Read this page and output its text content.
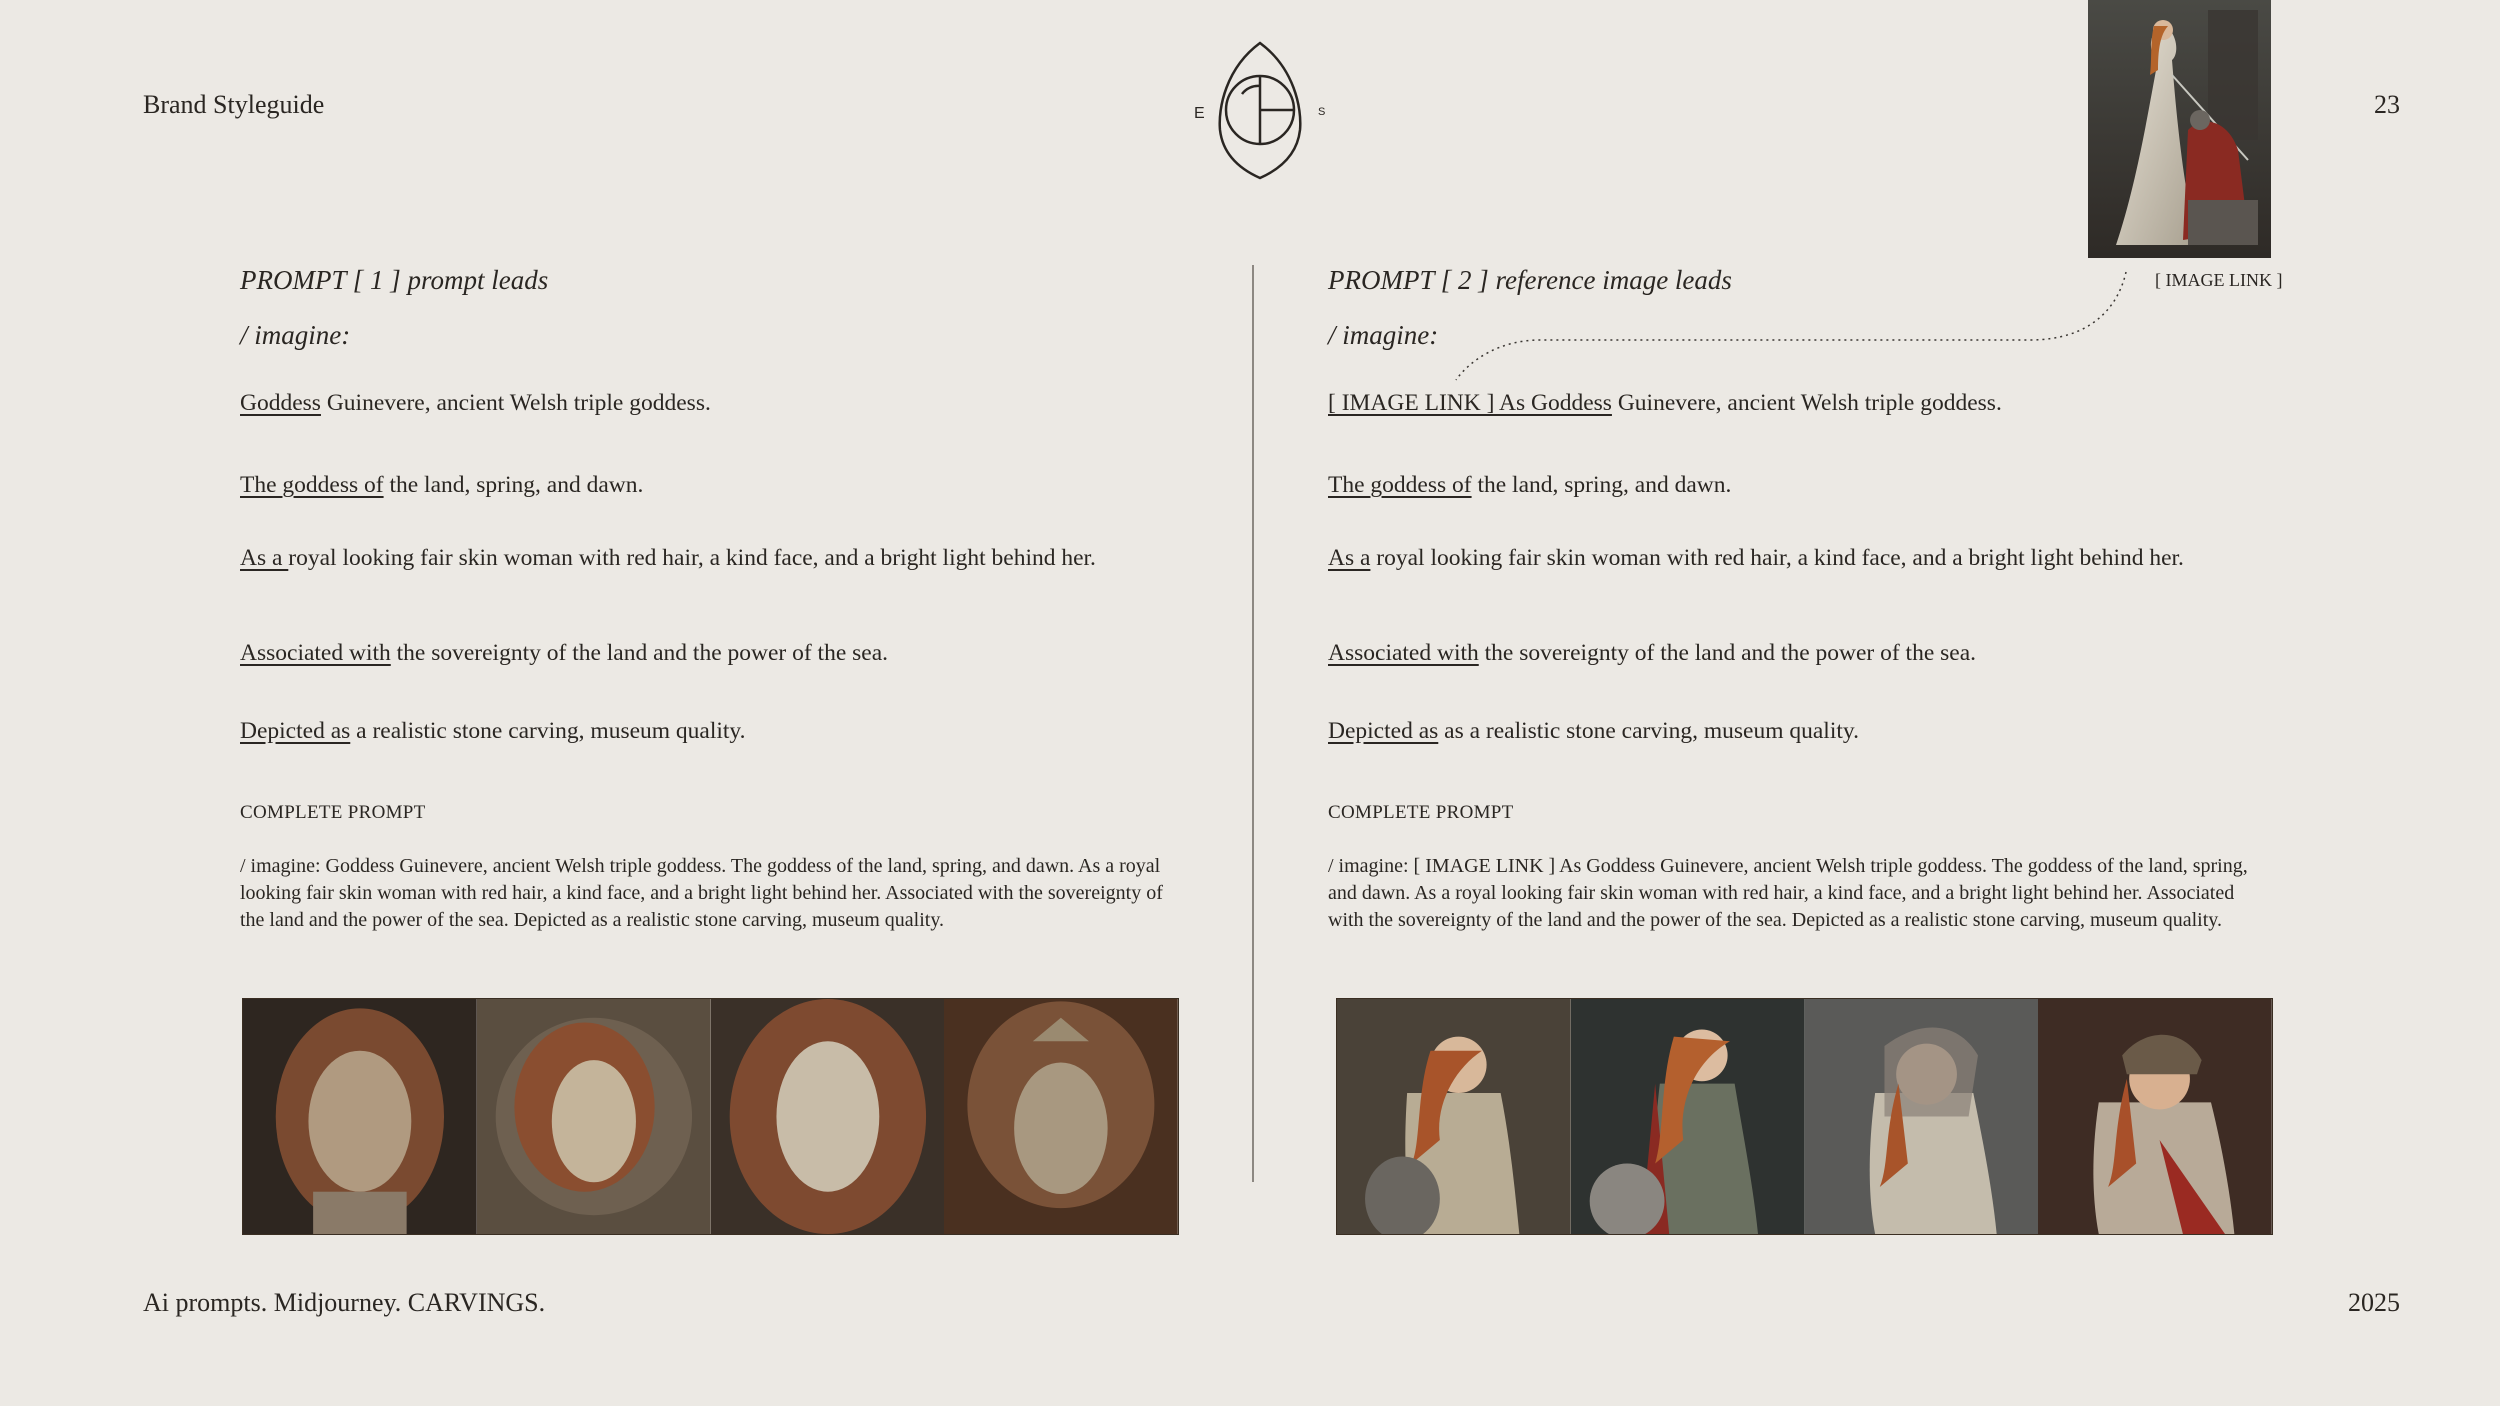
Brand Styleguide	23
E	S
[ IMAGE LINK ]
PROMPT [ 1 ] prompt leads
/ imagine:
Goddess Guinevere, ancient Welsh triple goddess.
The goddess of the land, spring, and dawn.
As a royal looking fair skin woman with red hair, a kind face, and a bright light behind her.
Associated with the sovereignty of the land and the power of the sea.
Depicted as a realistic stone carving, museum quality.
COMPLETE PROMPT
/ imagine: Goddess Guinevere, ancient Welsh triple goddess. The goddess of the land, spring, and dawn. As a royal looking fair skin woman with red hair, a kind face, and a bright light behind her. Associated with the sovereignty of the land and the power of the sea. Depicted as a realistic stone carving, museum quality.
PROMPT [ 2 ] reference image leads
/ imagine:
[ IMAGE LINK ] As Goddess Guinevere, ancient Welsh triple goddess.
The goddess of the land, spring, and dawn.
As a royal looking fair skin woman with red hair, a kind face, and a bright light behind her.
Associated with the sovereignty of the land and the power of the sea.
Depicted as as a realistic stone carving, museum quality.
COMPLETE PROMPT
/ imagine: [ IMAGE LINK ] As Goddess Guinevere, ancient Welsh triple goddess. The goddess of the land, spring, and dawn. As a royal looking fair skin woman with red hair, a kind face, and a bright light behind her. Associated with the sovereignty of the land and the power of the sea. Depicted as a realistic stone carving, museum quality.
Ai prompts. Midjourney. CARVINGS.	2025
